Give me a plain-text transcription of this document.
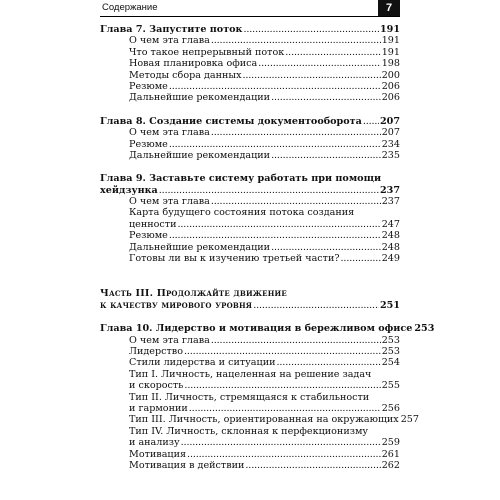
Содержание	7
Глава 7. Запустите поток . . .	191
О чем эта глава . . .	191
Что такое непрерывный поток . . .	191
Новая планировка офиса . . .	198
Методы сбора данных . . .	200
Резюме . . .	206
Дальнейшие рекомендации . . .	206
Глава 8. Создание системы документооборота . . . 207
О чем эта глава . . .	207
Резюме . . .	234
Дальнейшие рекомендации . . .	235
Глава 9. Заставьте систему работать при помощи
хейдзунка . . .	237
О чем эта глава . . .	237
Карта будущего состояния потока создания
ценности . . .	247
Резюме . . .	248
Дальнейшие рекомендации . . .	248
Готовы ли вы к изучению третьей части? . . .	249
Часть III. Продолжайте движение
к качеству мирового уровня . . .	251
Глава 10. Лидерство и мотивация в бережливом офисе 253
О чем эта глава . . .	253
Лидерство . . .	253
Стили лидерства и ситуации . . .	254
Тип I. Личность, нацеленная на решение задач
и скорость . . .	255
Тип II. Личность, стремящаяся к стабильности
и гармонии . . .	256
Тип III. Личность, ориентированная на окружающих 257
Тип IV. Личность, склонная к перфекционизму
и анализу . . .	259
Мотивация . . .	261
Мотивация в действии . . .	262
